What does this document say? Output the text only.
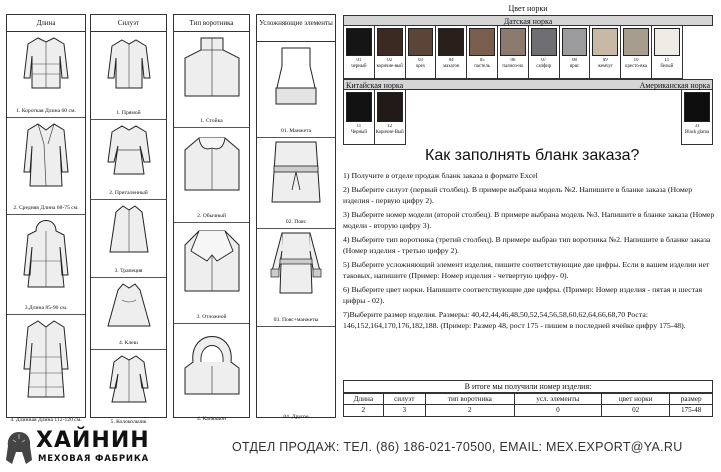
Длина
1. Короткая Длина 60 см.
2. Средняя Длина 68-75 см.
3.Длина 85-90 см.
4. Длинная Длина 112-120 см.
Силуэт
1. Прямой
2. Приталенный
3. Трапеция
4. Клеш
5. Колокольчик
Тип воротника
1. Стойка
2. Обычный
3. Отложной
4. Капюшон
Усложняющие элементы
01. Манжета
02. Пояс
03. Пояс+манжеты
04. Другое
Цвет норки
Датская норка
01
черный
02
коричне-вый
03
орех
04
махагон
05
пастель
06
палиси-но
07
сапфир
08
ирис
09
жемчуг
10
кресто-вка
11
белый
Китайская норка	Американская норка
11
Черный
12
Коричне-Вый
31
Black glama
Как заполнять бланк заказа?

1) Получите в отделе продаж бланк заказа в формате Excel

2) Выберите силуэт (первый столбец). В примере выбрана модель №2. Напишите в бланке заказа (Номер изделия - первую цифру 2).

3) Выберите номер модели (второй столбец). В примере выбрана модель №3. Напишите в бланке заказа (Номер модели - вторую цифру 3).

4) Выберите тип воротника (третий столбец). В примере выбран тип воротника №2. Напишите в бланке заказа (Номер изделия - третью цифру 2).

5) Выберите усложняющий элемент изделия, пишите соответствующие две цифры. Если в вашем изделии нет таковых, напишите (Пример: Номер изделия - четвертую цифру- 0).

6) Выберите цвет норки. Напишите соответствующие две цифры. (Пример: Номер изделия - пятая и шестая цифры - 02).

7)Выберите размер изделия. Размеры: 40,42,44,46,48,50,52,54,56,58,60,62,64,66,68,70 Роста: 146,152,164,170,176,182,188. (Пример: Размер 48, рост 175 - пишем в последней ячейке цифру 175-48).

В итоге мы получили номер изделия:
Длина	силуэт	тип воротника	усл. элементы	цвет норки	размер
2	3	2	0	02	175-48
ХАЙНИН
МЕХОВАЯ ФАБРИКА
ОТДЕЛ ПРОДАЖ: ТЕЛ. (86) 186-021-70500, EMAIL: MEX.EXPORT@YA.RU
